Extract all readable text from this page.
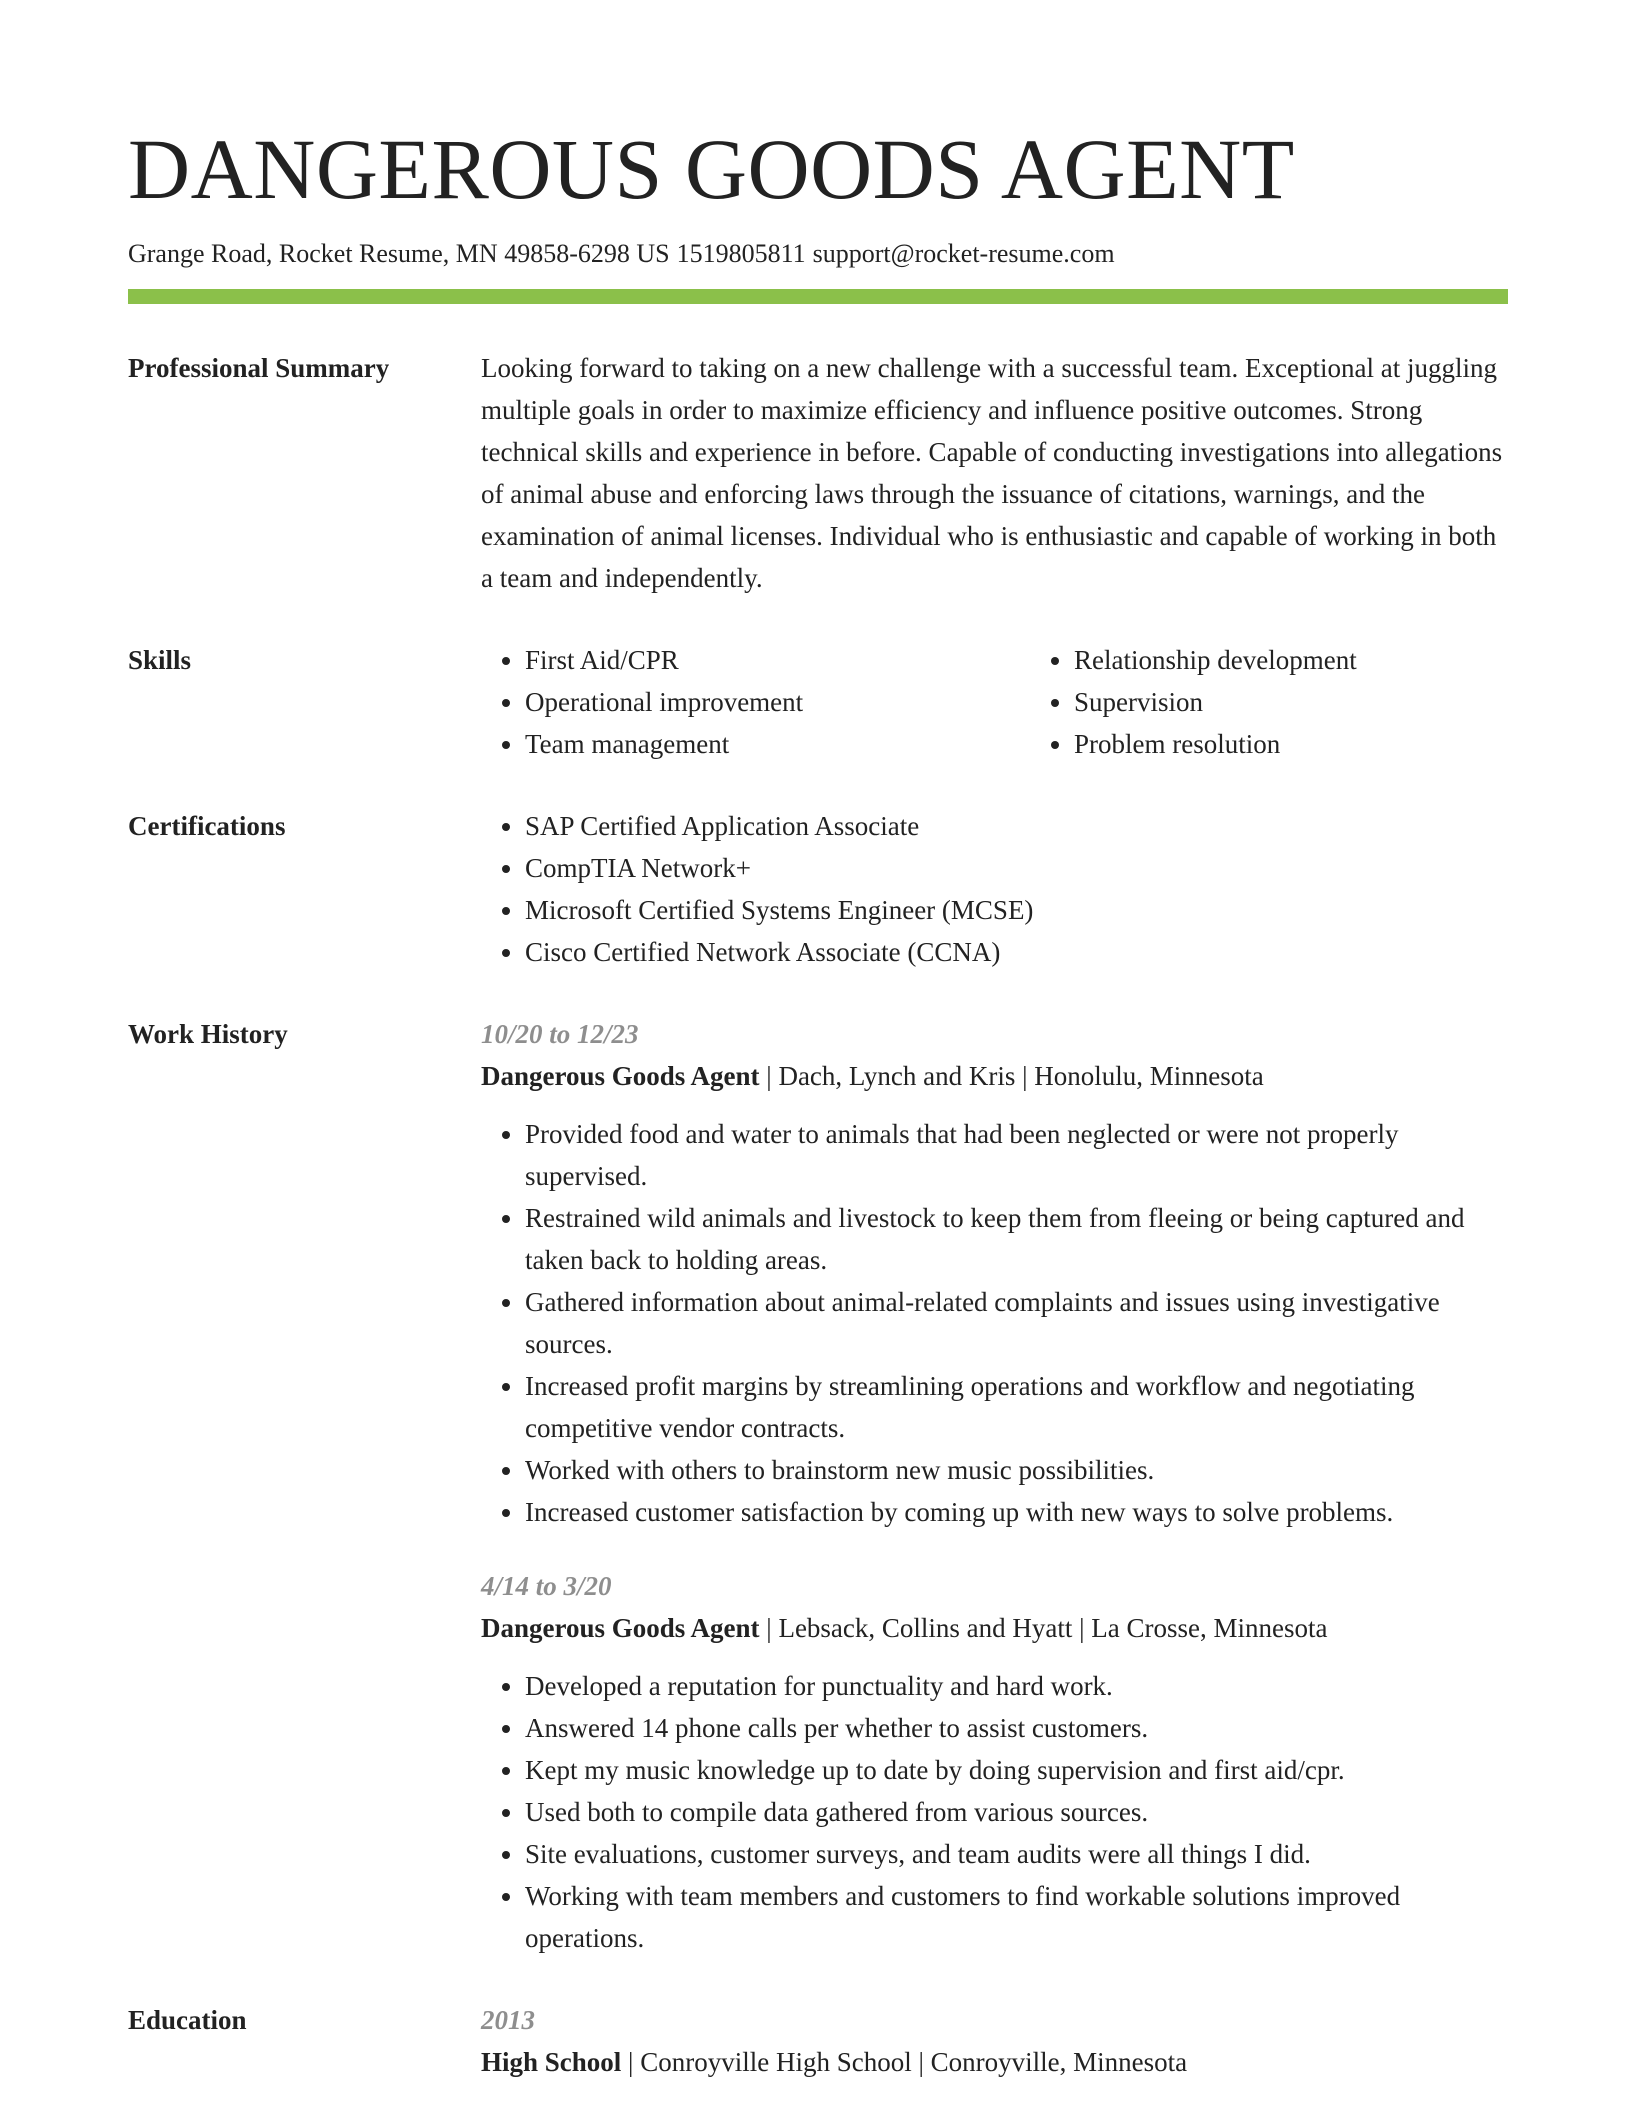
DANGEROUS GOODS AGENT
Grange Road, Rocket Resume, MN 49858-6298 US 1519805811 support@rocket-resume.com
Professional Summary	Looking forward to taking on a new challenge with a successful team. Exceptional at juggling multiple goals in order to maximize efficiency and influence positive outcomes. Strong technical skills and experience in before. Capable of conducting investigations into allegations of animal abuse and enforcing laws through the issuance of citations, warnings, and the examination of animal licenses. Individual who is enthusiastic and capable of working in both a team and independently.

Skills	• First Aid/CPR
• Operational improvement
• Team management
• Relationship development
• Supervision
• Problem resolution
Certifications	• SAP Certified Application Associate
• CompTIA Network+
• Microsoft Certified Systems Engineer (MCSE)
• Cisco Certified Network Associate (CCNA)
Work History	10/20 to 12/23
Dangerous Goods Agent | Dach, Lynch and Kris | Honolulu, Minnesota
• Provided food and water to animals that had been neglected or were not properly supervised.
• Restrained wild animals and livestock to keep them from fleeing or being captured and taken back to holding areas.
• Gathered information about animal-related complaints and issues using investigative sources.
• Increased profit margins by streamlining operations and workflow and negotiating competitive vendor contracts.
• Worked with others to brainstorm new music possibilities.
• Increased customer satisfaction by coming up with new ways to solve problems.
4/14 to 3/20
Dangerous Goods Agent | Lebsack, Collins and Hyatt | La Crosse, Minnesota
• Developed a reputation for punctuality and hard work.
• Answered 14 phone calls per whether to assist customers.
• Kept my music knowledge up to date by doing supervision and first aid/cpr.
• Used both to compile data gathered from various sources.
• Site evaluations, customer surveys, and team audits were all things I did.
• Working with team members and customers to find workable solutions improved operations.
Education	2013
High School | Conroyville High School | Conroyville, Minnesota
